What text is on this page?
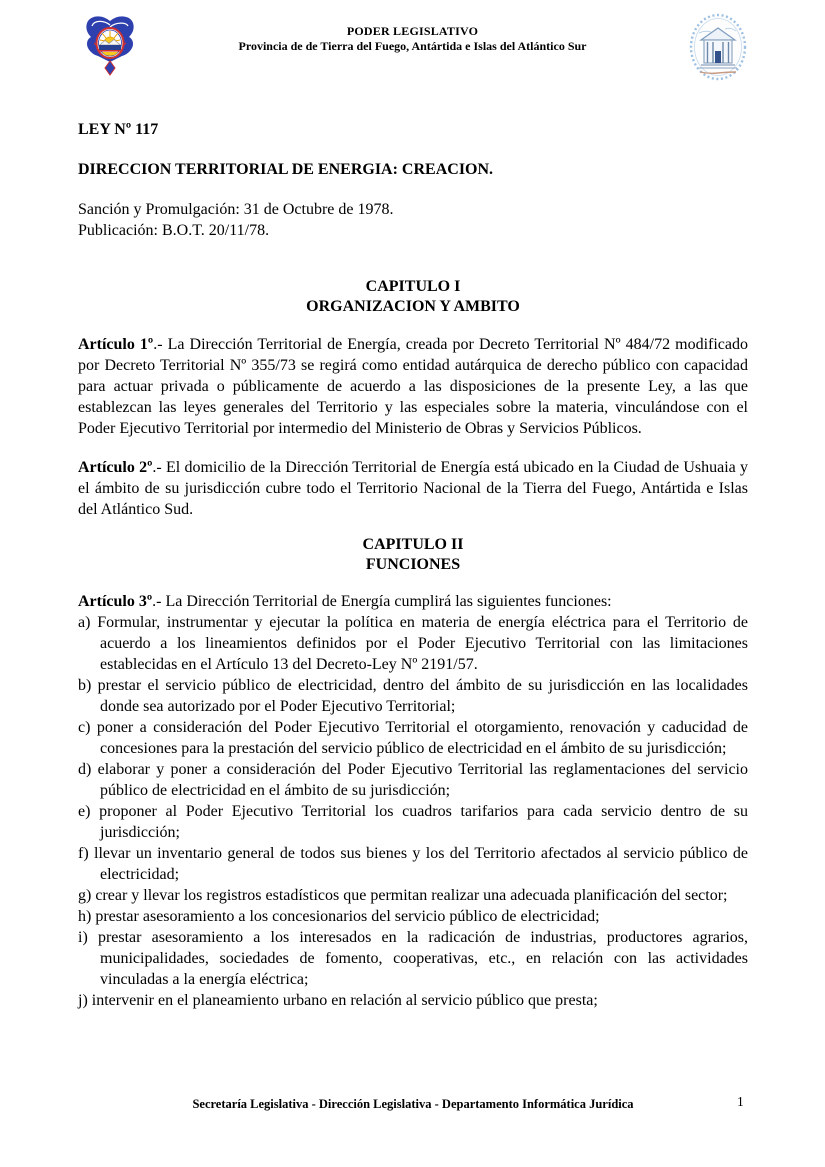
PODER LEGISLATIVO
Provincia de de Tierra del Fuego, Antártida e Islas del Atlántico Sur
LEY Nº 117
DIRECCION TERRITORIAL DE ENERGIA: CREACION.
Sanción y Promulgación: 31 de Octubre de 1978.
Publicación: B.O.T. 20/11/78.
CAPITULO I
ORGANIZACION Y AMBITO
Artículo 1º.- La Dirección Territorial de Energía, creada por Decreto Territorial Nº 484/72 modificado por Decreto Territorial Nº 355/73 se regirá como entidad autárquica de derecho público con capacidad para actuar privada o públicamente de acuerdo a las disposiciones de la presente Ley, a las que establezcan las leyes generales del Territorio y las especiales sobre la materia, vinculándose con el Poder Ejecutivo Territorial por intermedio del Ministerio de Obras y Servicios Públicos.
Artículo 2º.- El domicilio de la Dirección Territorial de Energía está ubicado en la Ciudad de Ushuaia y el ámbito de su jurisdicción cubre todo el Territorio Nacional de la Tierra del Fuego, Antártida e Islas del Atlántico Sud.
CAPITULO II
FUNCIONES
Artículo 3º.- La Dirección Territorial de Energía cumplirá las siguientes funciones:
a) Formular, instrumentar y ejecutar la política en materia de energía eléctrica para el Territorio de acuerdo a los lineamientos definidos por el Poder Ejecutivo Territorial con las limitaciones establecidas en el Artículo 13 del Decreto-Ley Nº 2191/57.
b) prestar el servicio público de electricidad, dentro del ámbito de su jurisdicción en las localidades donde sea autorizado por el Poder Ejecutivo Territorial;
c) poner a consideración del Poder Ejecutivo Territorial el otorgamiento, renovación y caducidad de concesiones para la prestación del servicio público de electricidad en el ámbito de su jurisdicción;
d) elaborar y poner a consideración del Poder Ejecutivo Territorial las reglamentaciones del servicio público de electricidad en el ámbito de su jurisdicción;
e) proponer al Poder Ejecutivo Territorial los cuadros tarifarios para cada servicio dentro de su jurisdicción;
f) llevar un inventario general de todos sus bienes y los del Territorio afectados al servicio público de electricidad;
g) crear y llevar los registros estadísticos que permitan realizar una adecuada planificación del sector;
h) prestar asesoramiento a los concesionarios del servicio público de electricidad;
i) prestar asesoramiento a los interesados en la radicación de industrias, productores agrarios, municipalidades, sociedades de fomento, cooperativas, etc., en relación con las actividades vinculadas a la energía eléctrica;
j) intervenir en el planeamiento urbano en relación al servicio público que presta;
Secretaría Legislativa - Dirección Legislativa - Departamento Informática Jurídica	1
